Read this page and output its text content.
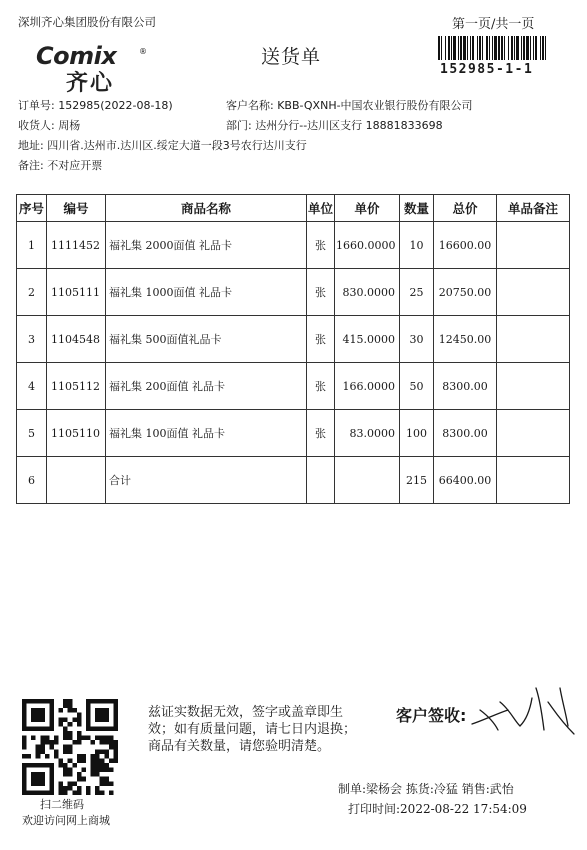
深圳齐心集团股份有限公司	第一页/共一页
152985-1-1
Comix	®
齐心
送货单
订单号: 152985(2022-08-18)
收货人: 周杨
地址: 四川省.达州市.达川区.绥定大道一段3号农行达川支行
备注: 不对应开票
客户名称: KBB-QXNH-中国农业银行股份有限公司
部门: 达州分行--达川区支行 18881833698
序号	编号	商品名称	单位	单价	数量	总价	单品备注
1	1111452	福礼集 2000面值 礼品卡	张	1660.0000	10	16600.00	
2	1105111	福礼集 1000面值 礼品卡	张	830.0000	25	20750.00	
3	1104548	福礼集 500面值礼品卡	张	415.0000	30	12450.00	
4	1105112	福礼集 200面值 礼品卡	张	166.0000	50	8300.00	
5	1105110	福礼集 100面值 礼品卡	张	83.0000	100	8300.00	
6		合计			215	66400.00	
扫二维码
欢迎访问网上商城
兹证实数据无效，签字或盖章即生
效；如有质量问题，请七日内退换；
商品有关数量，请您验明清楚。
客户签收:
制单:梁杨会 拣货:冷猛 销售:武怡
打印时间:2022-08-22 17:54:09
